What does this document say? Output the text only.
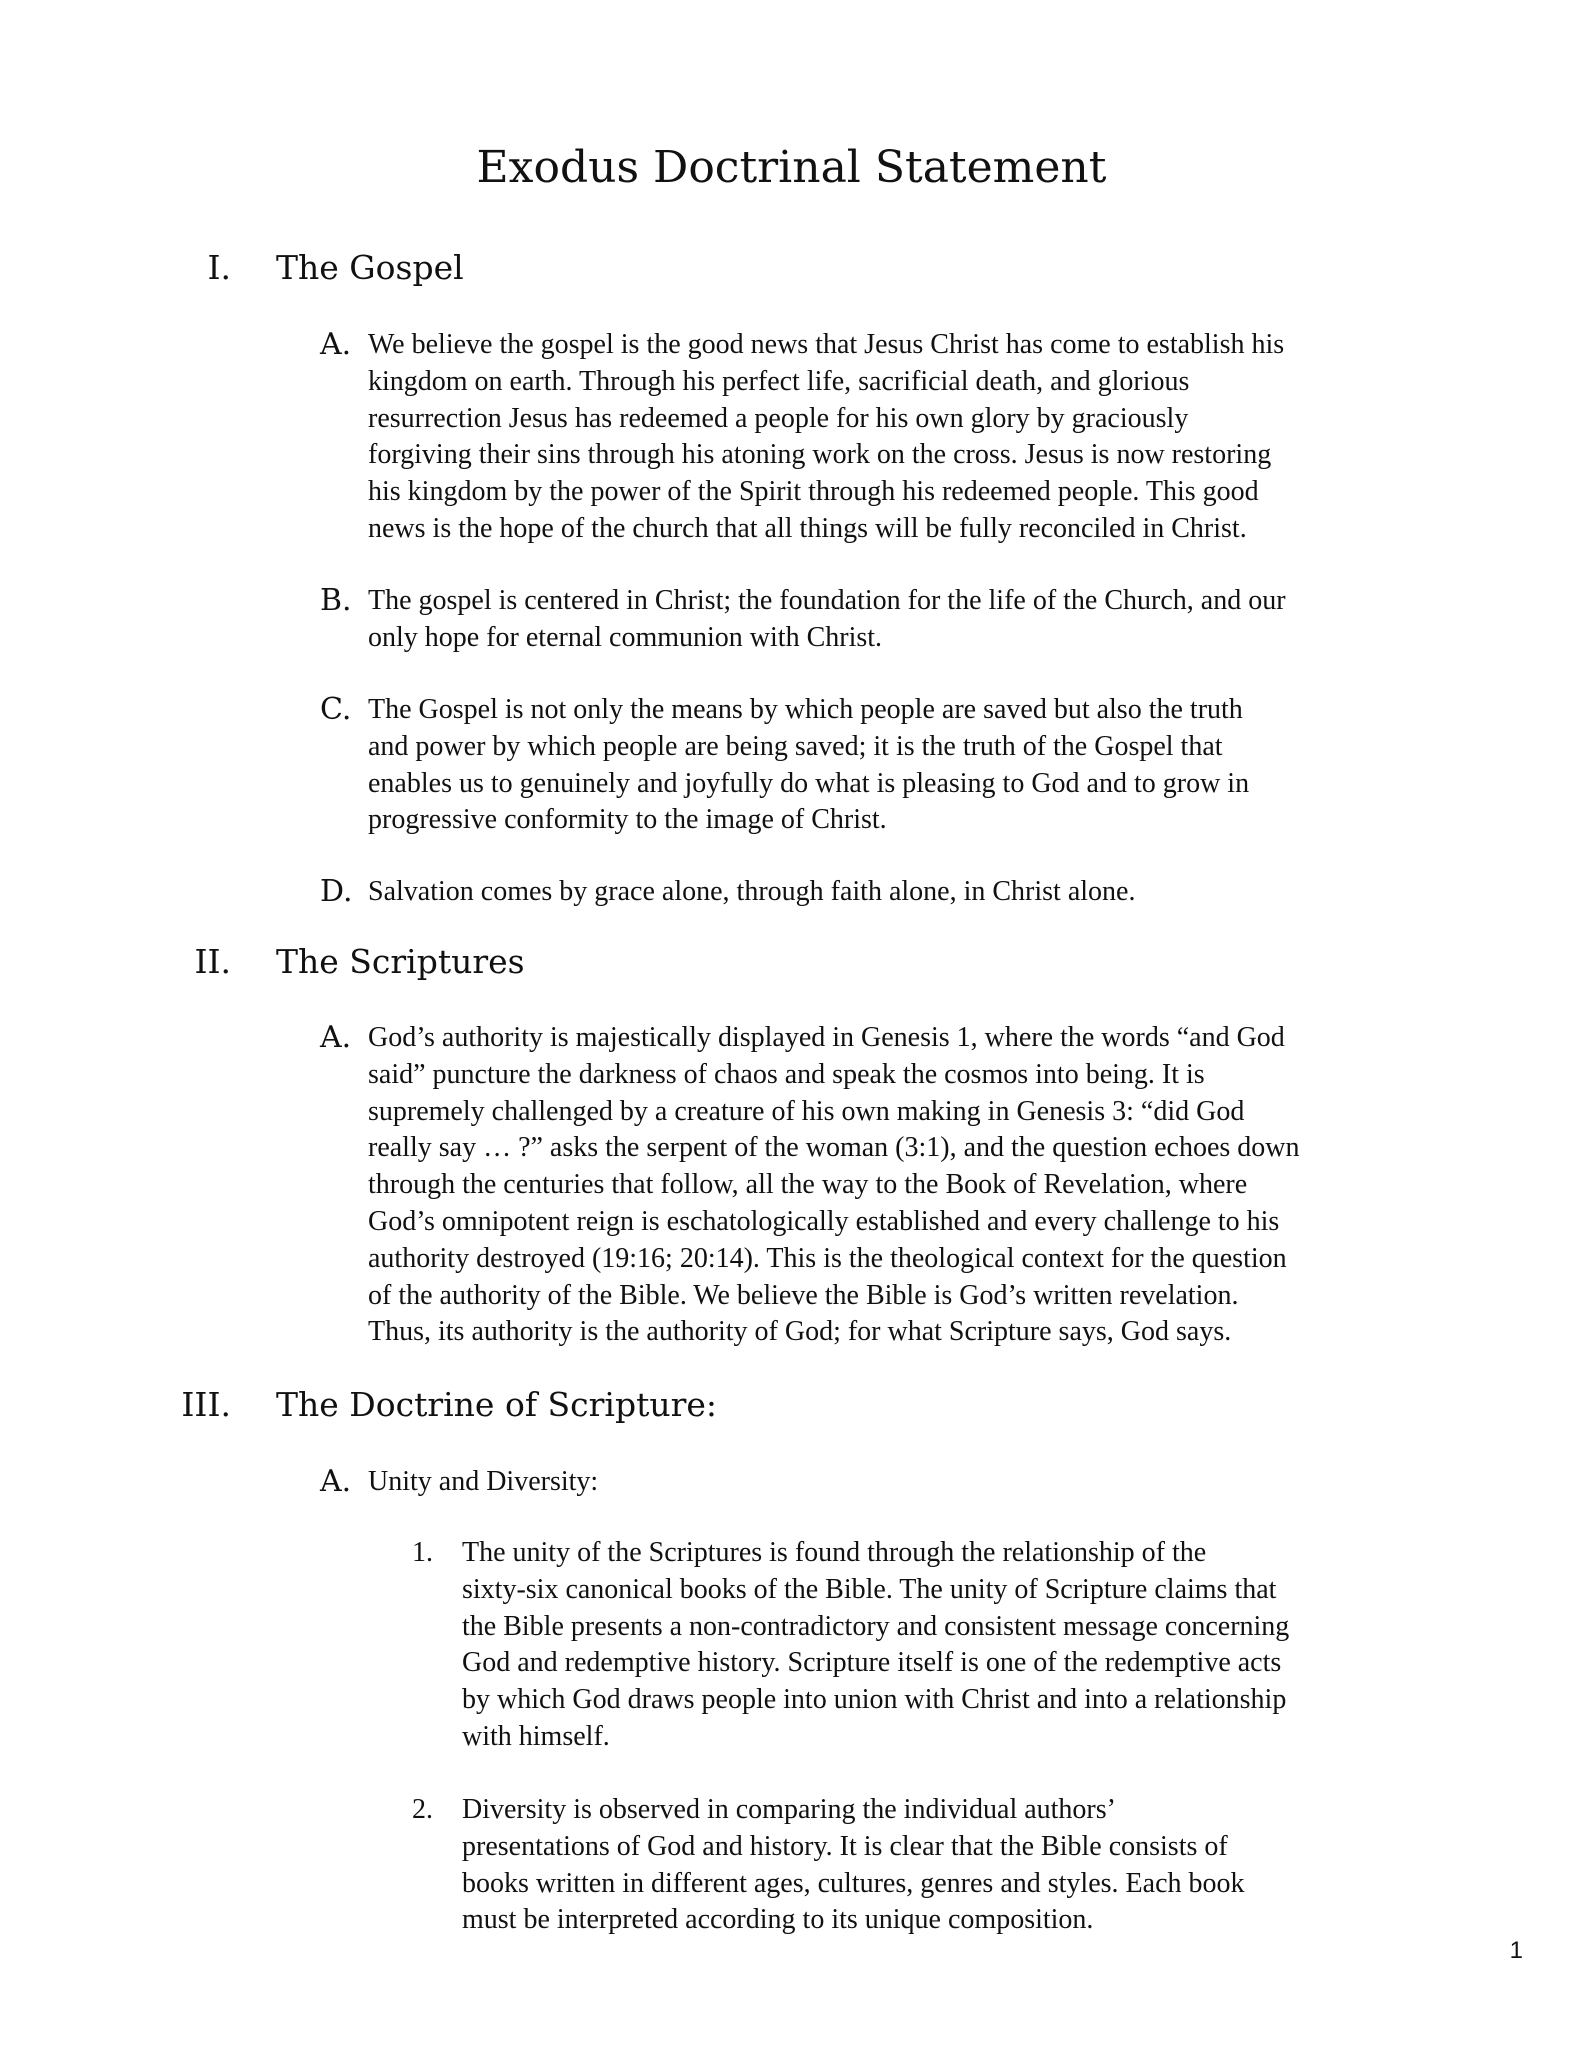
Exodus Doctrinal Statement
I. The Gospel
A. We believe the gospel is the good news that Jesus Christ has come to establish his
kingdom on earth. Through his perfect life, sacrificial death, and glorious
resurrection Jesus has redeemed a people for his own glory by graciously
forgiving their sins through his atoning work on the cross. Jesus is now restoring
his kingdom by the power of the Spirit through his redeemed people. This good
news is the hope of the church that all things will be fully reconciled in Christ.
B. The gospel is centered in Christ; the foundation for the life of the Church, and our
only hope for eternal communion with Christ.
C. The Gospel is not only the means by which people are saved but also the truth
and power by which people are being saved; it is the truth of the Gospel that
enables us to genuinely and joyfully do what is pleasing to God and to grow in
progressive conformity to the image of Christ.
D. Salvation comes by grace alone, through faith alone, in Christ alone.
II. The Scriptures
A. God’s authority is majestically displayed in Genesis 1, where the words “and God
said” puncture the darkness of chaos and speak the cosmos into being. It is
supremely challenged by a creature of his own making in Genesis 3: “did God
really say … ?” asks the serpent of the woman (3:1), and the question echoes down
through the centuries that follow, all the way to the Book of Revelation, where
God’s omnipotent reign is eschatologically established and every challenge to his
authority destroyed (19:16; 20:14). This is the theological context for the question
of the authority of the Bible. We believe the Bible is God’s written revelation.
Thus, its authority is the authority of God; for what Scripture says, God says.
III. The Doctrine of Scripture:
A. Unity and Diversity:
1. The unity of the Scriptures is found through the relationship of the
sixty-six canonical books of the Bible. The unity of Scripture claims that
the Bible presents a non-contradictory and consistent message concerning
God and redemptive history. Scripture itself is one of the redemptive acts
by which God draws people into union with Christ and into a relationship
with himself.
2. Diversity is observed in comparing the individual authors’
presentations of God and history. It is clear that the Bible consists of
books written in different ages, cultures, genres and styles. Each book
must be interpreted according to its unique composition.
1
